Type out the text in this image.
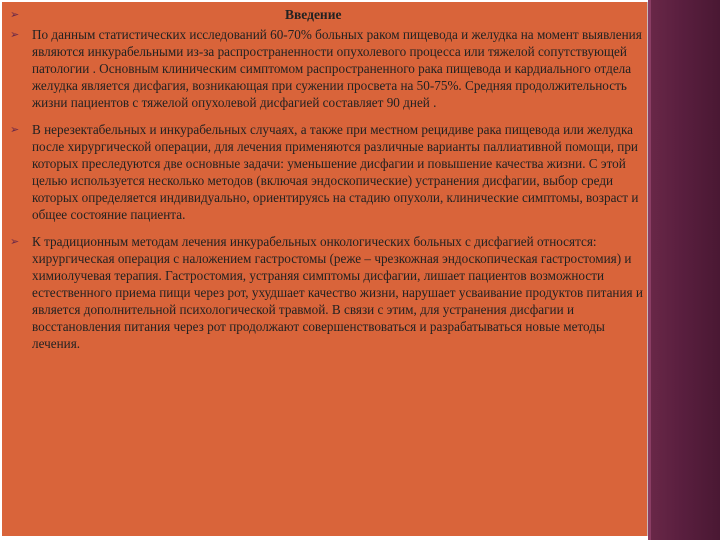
➢	Введение
➢ По данным статистических исследований 60-70% больных раком пищевода и желудка на момент выявления являются инкурабельными из-за распространенности опухолевого процесса или тяжелой сопутствующей патологии . Основным клиническим симптомом распространенного рака пищевода и кардиального отдела желудка является дисфагия, возникающая при сужении просвета на 50-75%. Средняя продолжительность жизни пациентов с тяжелой опухолевой дисфагией составляет 90 дней .
➢ В нерезектабельных и инкурабельных случаях, а также при местном рецидиве рака пищевода или желудка после хирургической операции, для лечения применяются различные варианты паллиативной помощи, при которых преследуются две основные задачи: уменьшение дисфагии и повышение качества жизни. С этой целью используется несколько методов (включая эндоскопические) устранения дисфагии, выбор среди которых определяется индивидуально, ориентируясь на стадию опухоли, клинические симптомы, возраст и общее состояние пациента.
➢ К традиционным методам лечения инкурабельных онкологических больных с дисфагией относятся: хирургическая операция с наложением гастростомы (реже – чрезкожная эндоскопическая гастростомия) и химиолучевая терапия. Гастростомия, устраняя симптомы дисфагии, лишает пациентов возможности естественного приема пищи через рот, ухудшает качество жизни, нарушает усваивание продуктов питания и является дополнительной психологической травмой. В связи с этим, для устранения дисфагии и восстановления питания через рот продолжают совершенствоваться и разрабатываться новые методы лечения.
